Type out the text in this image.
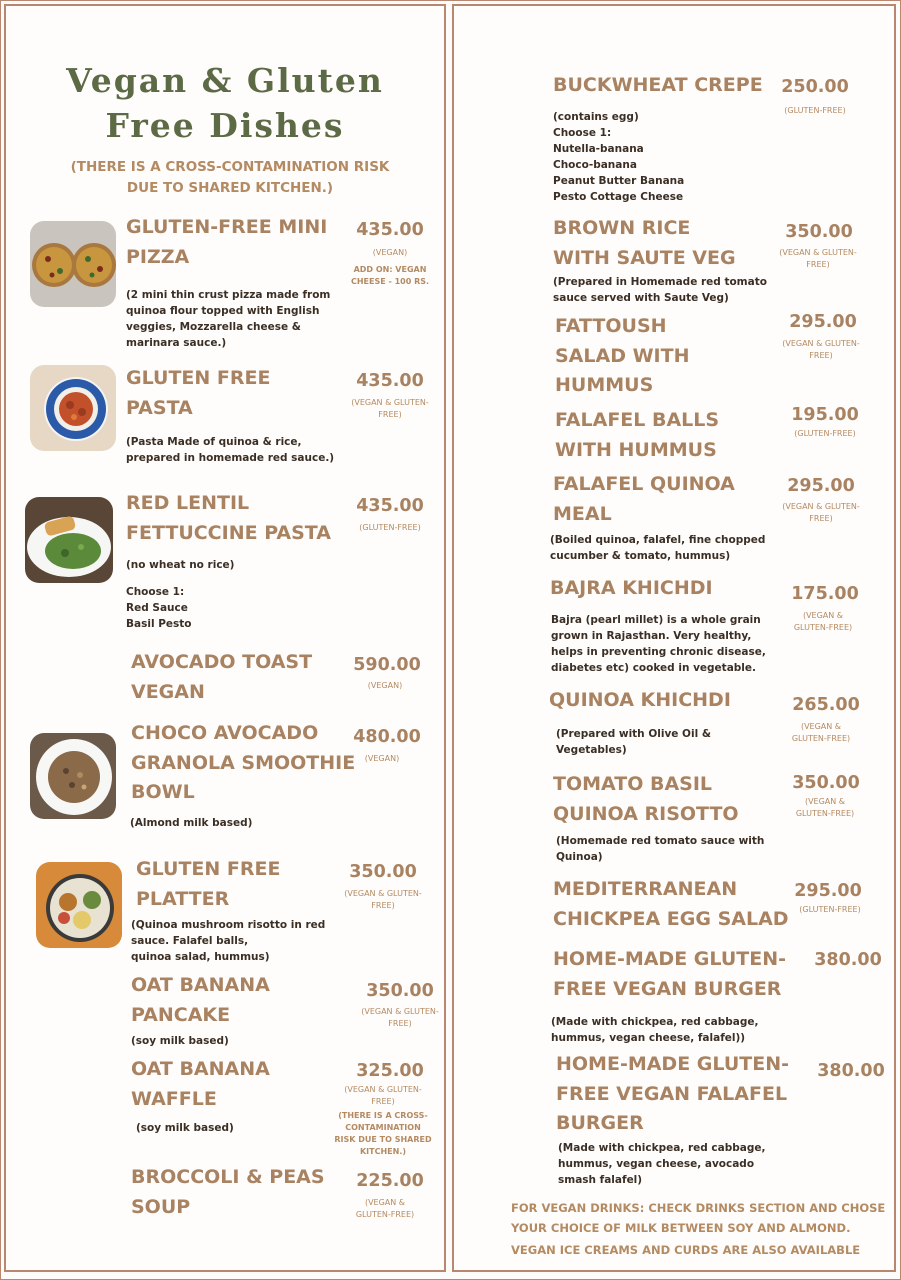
Vegan & Gluten
Free Dishes
(THERE IS A CROSS-CONTAMINATION RISK
DUE TO SHARED KITCHEN.)
GLUTEN-FREE MINI
PIZZA
435.00
(VEGAN)
ADD ON: VEGAN
CHEESE - 100 RS.
(2 mini thin crust pizza made from
quinoa flour topped with English
veggies, Mozzarella cheese &
marinara sauce.)
GLUTEN FREE
PASTA
435.00
(VEGAN & GLUTEN-
FREE)
(Pasta Made of quinoa & rice,
prepared in homemade red sauce.)
RED LENTIL
FETTUCCINE PASTA
435.00
(GLUTEN-FREE)
(no wheat no rice)
Choose 1:
Red Sauce
Basil Pesto
AVOCADO TOAST
VEGAN
590.00
(VEGAN)
CHOCO AVOCADO
GRANOLA SMOOTHIE
BOWL
480.00
(VEGAN)
(Almond milk based)
GLUTEN FREE
PLATTER
350.00
(VEGAN & GLUTEN-
FREE)
(Quinoa mushroom risotto in red
sauce. Falafel balls,
quinoa salad, hummus)
OAT BANANA
PANCAKE
350.00
(VEGAN & GLUTEN-
FREE)
(soy milk based)
OAT BANANA
WAFFLE
325.00
(VEGAN & GLUTEN-
FREE)
(THERE IS A CROSS-
CONTAMINATION
RISK DUE TO SHARED
KITCHEN.)
(soy milk based)
BROCCOLI & PEAS
SOUP
225.00
(VEGAN &
GLUTEN-FREE)
BUCKWHEAT CREPE	250.00
(GLUTEN-FREE)
(contains egg)
Choose 1:
Nutella-banana
Choco-banana
Peanut Butter Banana
Pesto Cottage Cheese
BROWN RICE
WITH SAUTE VEG
350.00
(VEGAN & GLUTEN-
FREE)
(Prepared in Homemade red tomato
sauce served with Saute Veg)
FATTOUSH
SALAD WITH
HUMMUS
295.00
(VEGAN & GLUTEN-
FREE)
FALAFEL BALLS
WITH HUMMUS
195.00
(GLUTEN-FREE)
FALAFEL QUINOA
MEAL
295.00
(VEGAN & GLUTEN-
FREE)
(Boiled quinoa, falafel, fine chopped
cucumber & tomato, hummus)
BAJRA KHICHDI	175.00
(VEGAN &
GLUTEN-FREE)
Bajra (pearl millet) is a whole grain
grown in Rajasthan. Very healthy,
helps in preventing chronic disease,
diabetes etc) cooked in vegetable.
QUINOA KHICHDI	265.00
(VEGAN &
GLUTEN-FREE)
(Prepared with Olive Oil &
Vegetables)
TOMATO BASIL
QUINOA RISOTTO
350.00
(VEGAN &
GLUTEN-FREE)
(Homemade red tomato sauce with
Quinoa)
MEDITERRANEAN
CHICKPEA EGG SALAD
295.00
(GLUTEN-FREE)
HOME-MADE GLUTEN-
FREE VEGAN BURGER
380.00
(Made with chickpea, red cabbage,
hummus, vegan cheese, falafel))
HOME-MADE GLUTEN-
FREE VEGAN FALAFEL
BURGER
380.00
(Made with chickpea, red cabbage,
hummus, vegan cheese, avocado
smash falafel)
FOR VEGAN DRINKS: CHECK DRINKS SECTION AND CHOSE
YOUR CHOICE OF MILK BETWEEN SOY AND ALMOND.
VEGAN ICE CREAMS AND CURDS ARE ALSO AVAILABLE
